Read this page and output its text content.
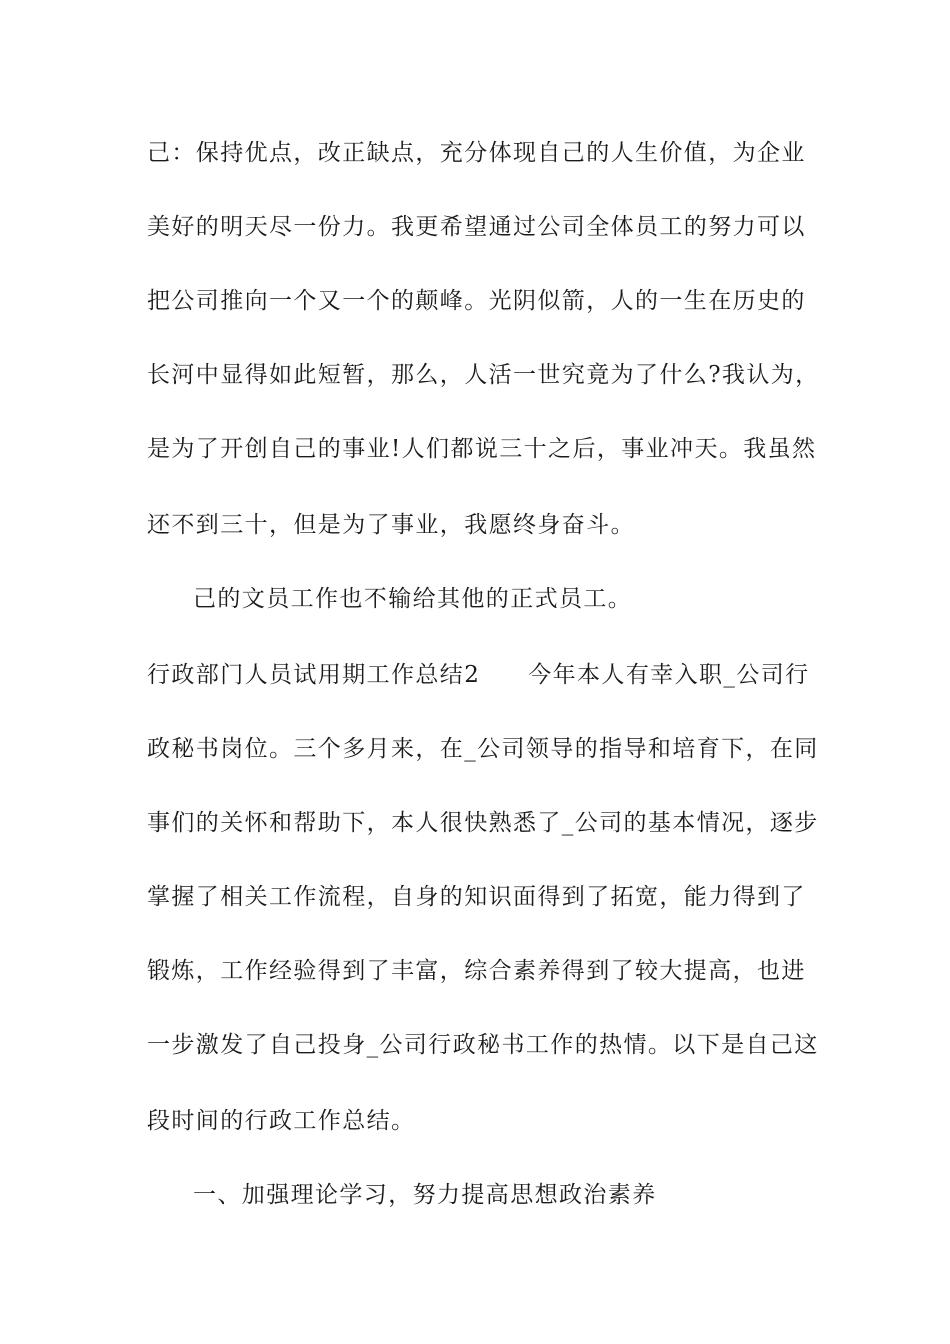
己：保持优点，改正缺点，充分体现自己的人生价值，为企业
美好的明天尽一份力。我更希望通过公司全体员工的努力可以
把公司推向一个又一个的颠峰。光阴似箭，人的一生在历史的
长河中显得如此短暂，那么，人活一世究竟为了什么?我认为，
是为了开创自己的事业!人们都说三十之后，事业冲天。我虽然
还不到三十，但是为了事业，我愿终身奋斗。
己的文员工作也不输给其他的正式员工。
行政部门人员试用期工作总结2 今年本人有幸入职_公司行
政秘书岗位。三个多月来，在_公司领导的指导和培育下，在同
事们的关怀和帮助下，本人很快熟悉了_公司的基本情况，逐步
掌握了相关工作流程，自身的知识面得到了拓宽，能力得到了
锻炼，工作经验得到了丰富，综合素养得到了较大提高，也进
一步激发了自己投身_公司行政秘书工作的热情。以下是自己这
段时间的行政工作总结。
一、加强理论学习，努力提高思想政治素养
